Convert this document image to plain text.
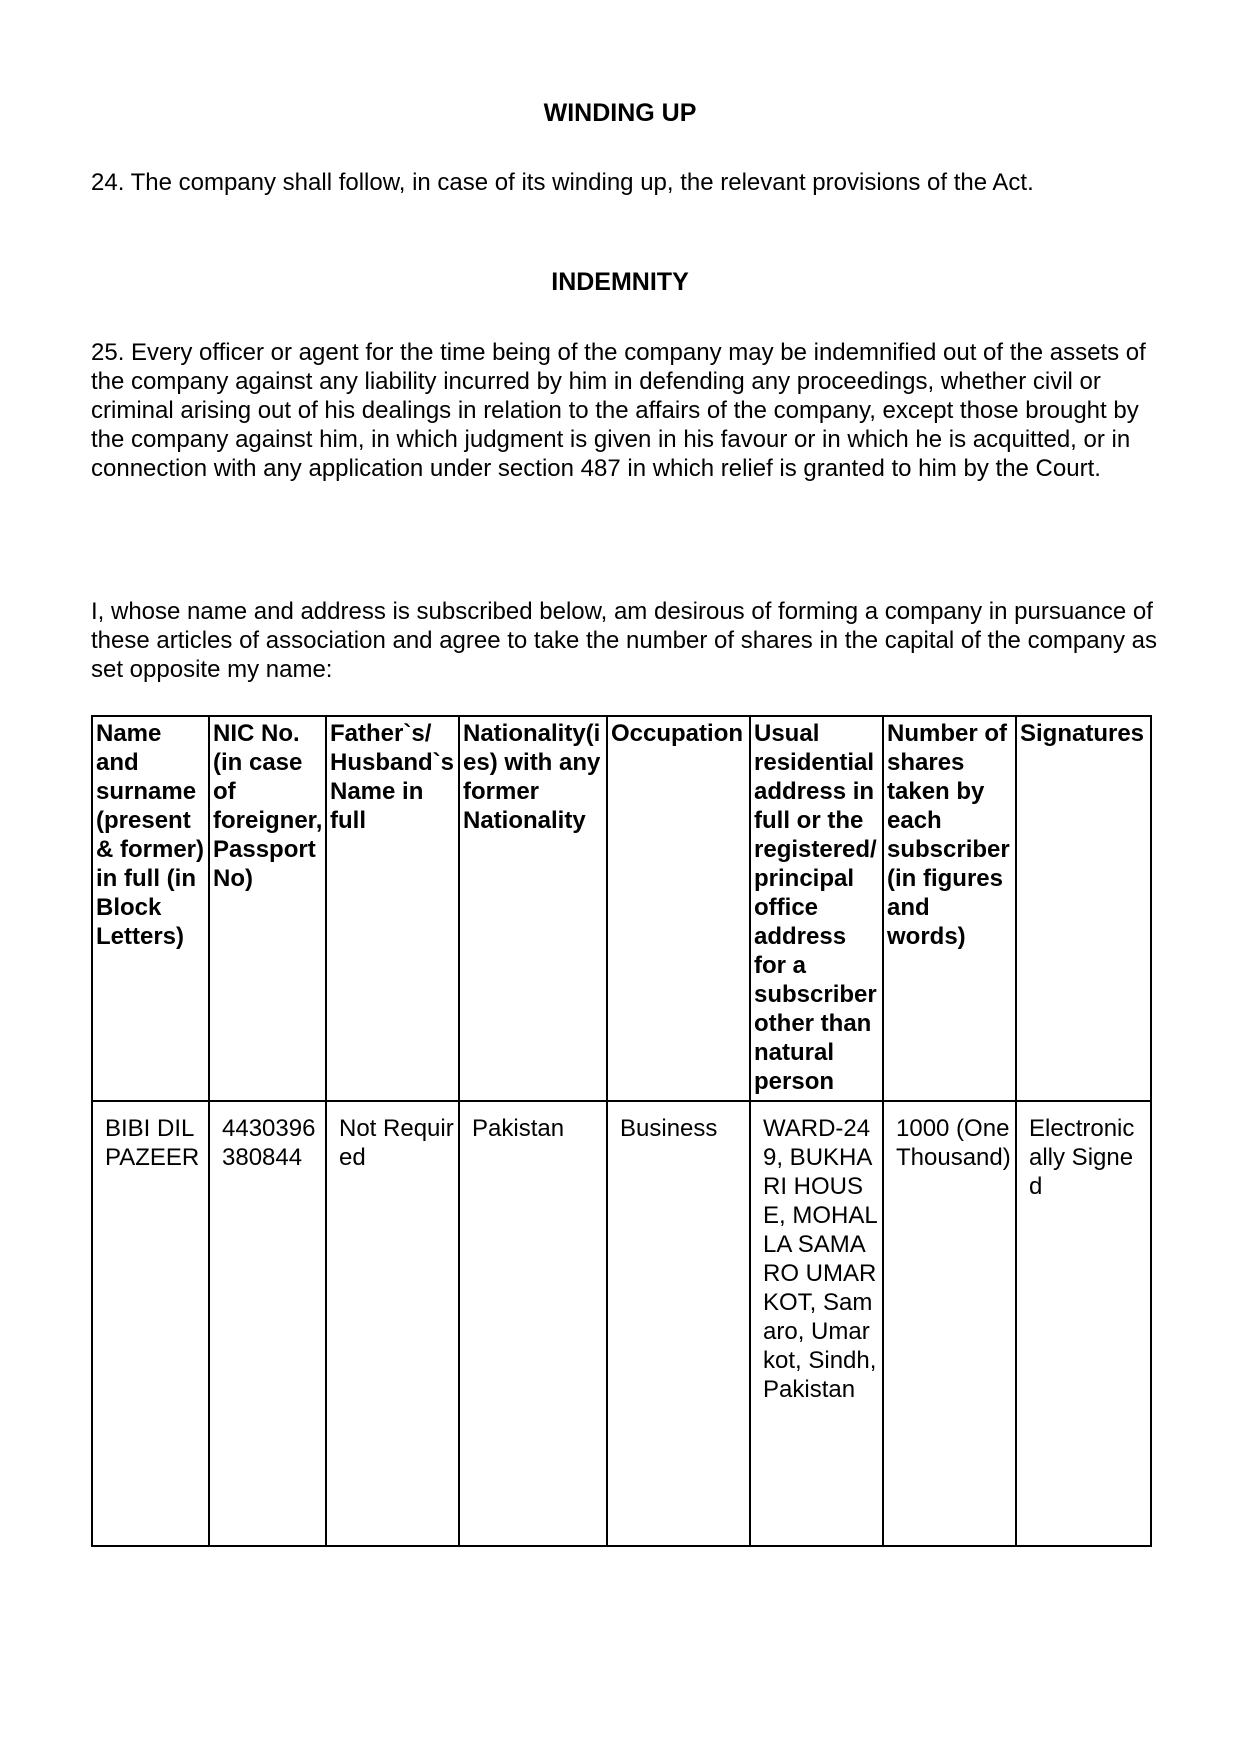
WINDING UP

24. The company shall follow, in case of its winding up, the relevant provisions of the Act.

INDEMNITY

25. Every officer or agent for the time being of the company may be indemnified out of the assets of the company against any liability incurred by him in defending any proceedings, whether civil or criminal arising out of his dealings in relation to the affairs of the company, except those brought by the company against him, in which judgment is given in his favour or in which he is acquitted, or in connection with any application under section 487 in which relief is granted to him by the Court.

I, whose name and address is subscribed below, am desirous of forming a company in pursuance of these articles of association and agree to take the number of shares in the capital of the company as set opposite my name:

Name and surname (present & former) in full (in Block Letters)	NIC No. (in case of foreigner, Passport No)	Father`s/ Husband`s Name in full	Nationality(ies) with any former Nationality	Occupation	Usual residential address in full or the registered/ principal office address for a subscriber other than natural person	Number of shares taken by each subscriber (in figures and words)	Signatures
BIBI DILPAZEER	4430396380844	Not Required	Pakistan	Business	WARD-249, BUKHARI HOUSE, MOHALLA SAMARO UMARKOT, Samaro, Umarkot, Sindh, Pakistan	1000 (One Thousand)	Electronically Signed
